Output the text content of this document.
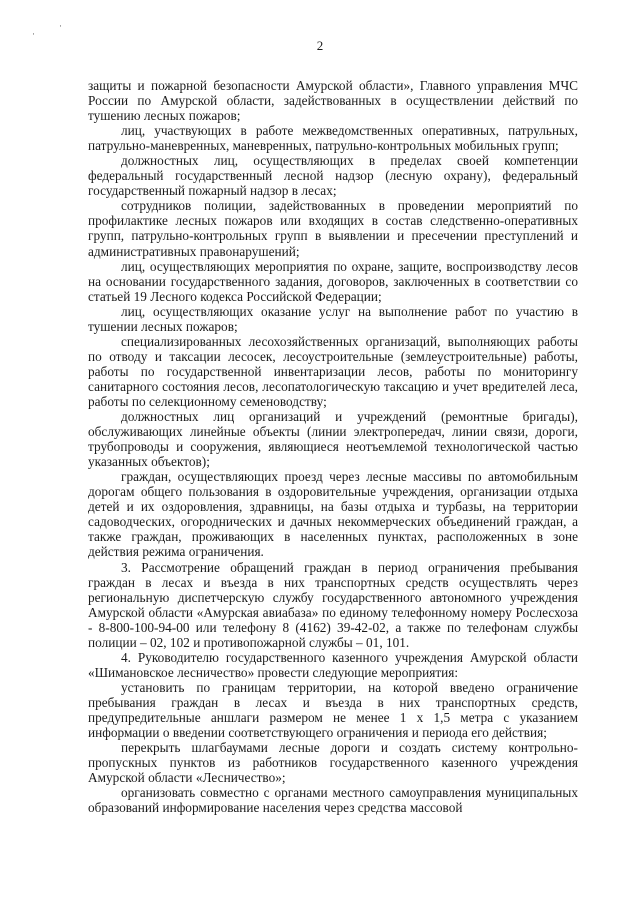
·
·
2

защиты и пожарной безопасности Амурской области», Главного управления МЧС России по Амурской области, задействованных в осуществлении действий по тушению лесных пожаров;

лиц, участвующих в работе межведомственных оперативных, патрульных, патрульно-маневренных, маневренных, патрульно-контрольных мобильных групп;

должностных лиц, осуществляющих в пределах своей компетенции федеральный государственный лесной надзор (лесную охрану), федеральный государственный пожарный надзор в лесах;

сотрудников полиции, задействованных в проведении мероприятий по профилактике лесных пожаров или входящих в состав следственно-оперативных групп, патрульно-контрольных групп в выявлении и пресечении преступлений и административных правонарушений;

лиц, осуществляющих мероприятия по охране, защите, воспроизводству лесов на основании государственного задания, договоров, заключенных в соответствии со статьей 19 Лесного кодекса Российской Федерации;

лиц, осуществляющих оказание услуг на выполнение работ по участию в тушении лесных пожаров;

специализированных лесохозяйственных организаций, выполняющих работы по отводу и таксации лесосек, лесоустроительные (землеустроительные) работы, работы по государственной инвентаризации лесов, работы по мониторингу санитарного состояния лесов, лесопатологическую таксацию и учет вредителей леса, работы по селекционному семеноводству;

должностных лиц организаций и учреждений (ремонтные бригады), обслуживающих линейные объекты (линии электропередач, линии связи, дороги, трубопроводы и сооружения, являющиеся неотъемлемой технологической частью указанных объектов);

граждан, осуществляющих проезд через лесные массивы по автомобильным дорогам общего пользования в оздоровительные учреждения, организации отдыха детей и их оздоровления, здравницы, на базы отдыха и турбазы, на территории садоводческих, огороднических и дачных некоммерческих объединений граждан, а также граждан, проживающих в населенных пунктах, расположенных в зоне действия режима ограничения.

3. Рассмотрение обращений граждан в период ограничения пребывания граждан в лесах и въезда в них транспортных средств осуществлять через региональную диспетчерскую службу государственного автономного учреждения Амурской области «Амурская авиабаза» по единому телефонному номеру Рослесхоза - 8-800-100-94-00 или телефону 8 (4162) 39-42-02, а также по телефонам службы полиции – 02, 102 и противопожарной службы – 01, 101.

4. Руководителю государственного казенного учреждения Амурской области «Шимановское лесничество» провести следующие мероприятия:

установить по границам территории, на которой введено ограничение пребывания граждан в лесах и въезда в них транспортных средств, предупредительные аншлаги размером не менее 1 х 1,5 метра с указанием информации о введении соответствующего ограничения и периода его действия;

перекрыть шлагбаумами лесные дороги и создать систему контрольно-пропускных пунктов из работников государственного казенного учреждения Амурской области «Лесничество»;

организовать совместно с органами местного самоуправления муниципальных образований информирование населения через средства массовой
